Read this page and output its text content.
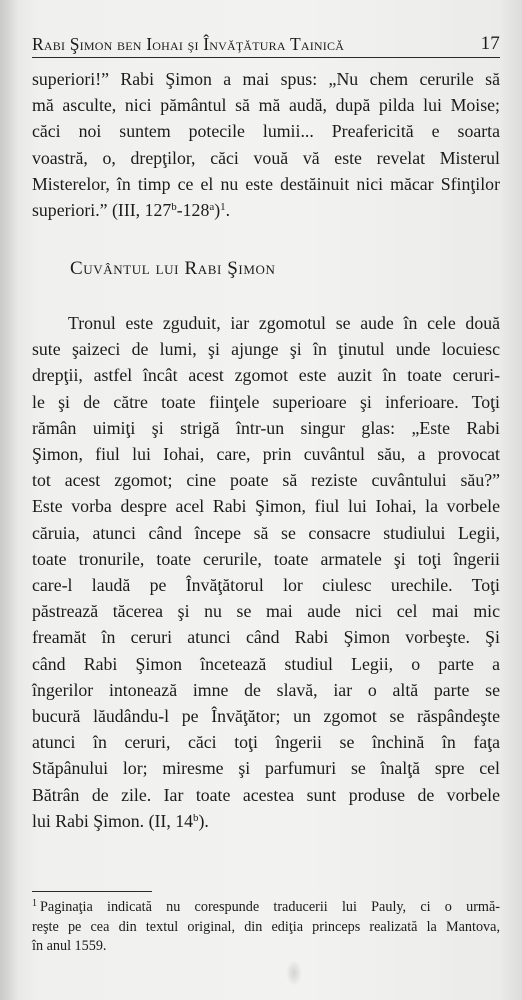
Rabi Şimon ben Iohai şi Învăţătura Tainică	17
superiori!” Rabi Şimon a mai spus: „Nu chem cerurile să
mă asculte, nici pământul să mă audă, după pilda lui Moise;
căci noi suntem potecile lumii... Preafericită e soarta
voastră, o, drepţilor, căci vouă vă este revelat Misterul
Misterelor, în timp ce el nu este destăinuit nici măcar Sfinţilor
superiori.” (III, 127$^b$-128$^a$)$^1$.
Cuvântul lui Rabi Şimon
Tronul este zguduit, iar zgomotul se aude în cele două
sute şaizeci de lumi, şi ajunge şi în ţinutul unde locuiesc
drepţii, astfel încât acest zgomot este auzit în toate ceruri-
le şi de către toate fiinţele superioare şi inferioare. Toţi
rămân uimiţi şi strigă într-un singur glas: „Este Rabi
Şimon, fiul lui Iohai, care, prin cuvântul său, a provocat
tot acest zgomot; cine poate să reziste cuvântului său?”
Este vorba despre acel Rabi Şimon, fiul lui Iohai, la vorbele
căruia, atunci când începe să se consacre studiului Legii,
toate tronurile, toate cerurile, toate armatele şi toţi îngerii
care-l laudă pe Învăţătorul lor ciulesc urechile. Toţi
păstrează tăcerea şi nu se mai aude nici cel mai mic
freamăt în ceruri atunci când Rabi Şimon vorbeşte. Şi
când Rabi Şimon încetează studiul Legii, o parte a
îngerilor intonează imne de slavă, iar o altă parte se
bucură lăudându-l pe Învăţător; un zgomot se răspândeşte
atunci în ceruri, căci toţi îngerii se închină în faţa
Stăpânului lor; miresme şi parfumuri se înalţă spre cel
Bătrân de zile. Iar toate acestea sunt produse de vorbele
lui Rabi Şimon. (II, 14$^b$).
$^1$ Paginaţia indicată nu corespunde traducerii lui Pauly, ci o urmă-
reşte pe cea din textul original, din ediţia princeps realizată la Mantova,
în anul 1559.
